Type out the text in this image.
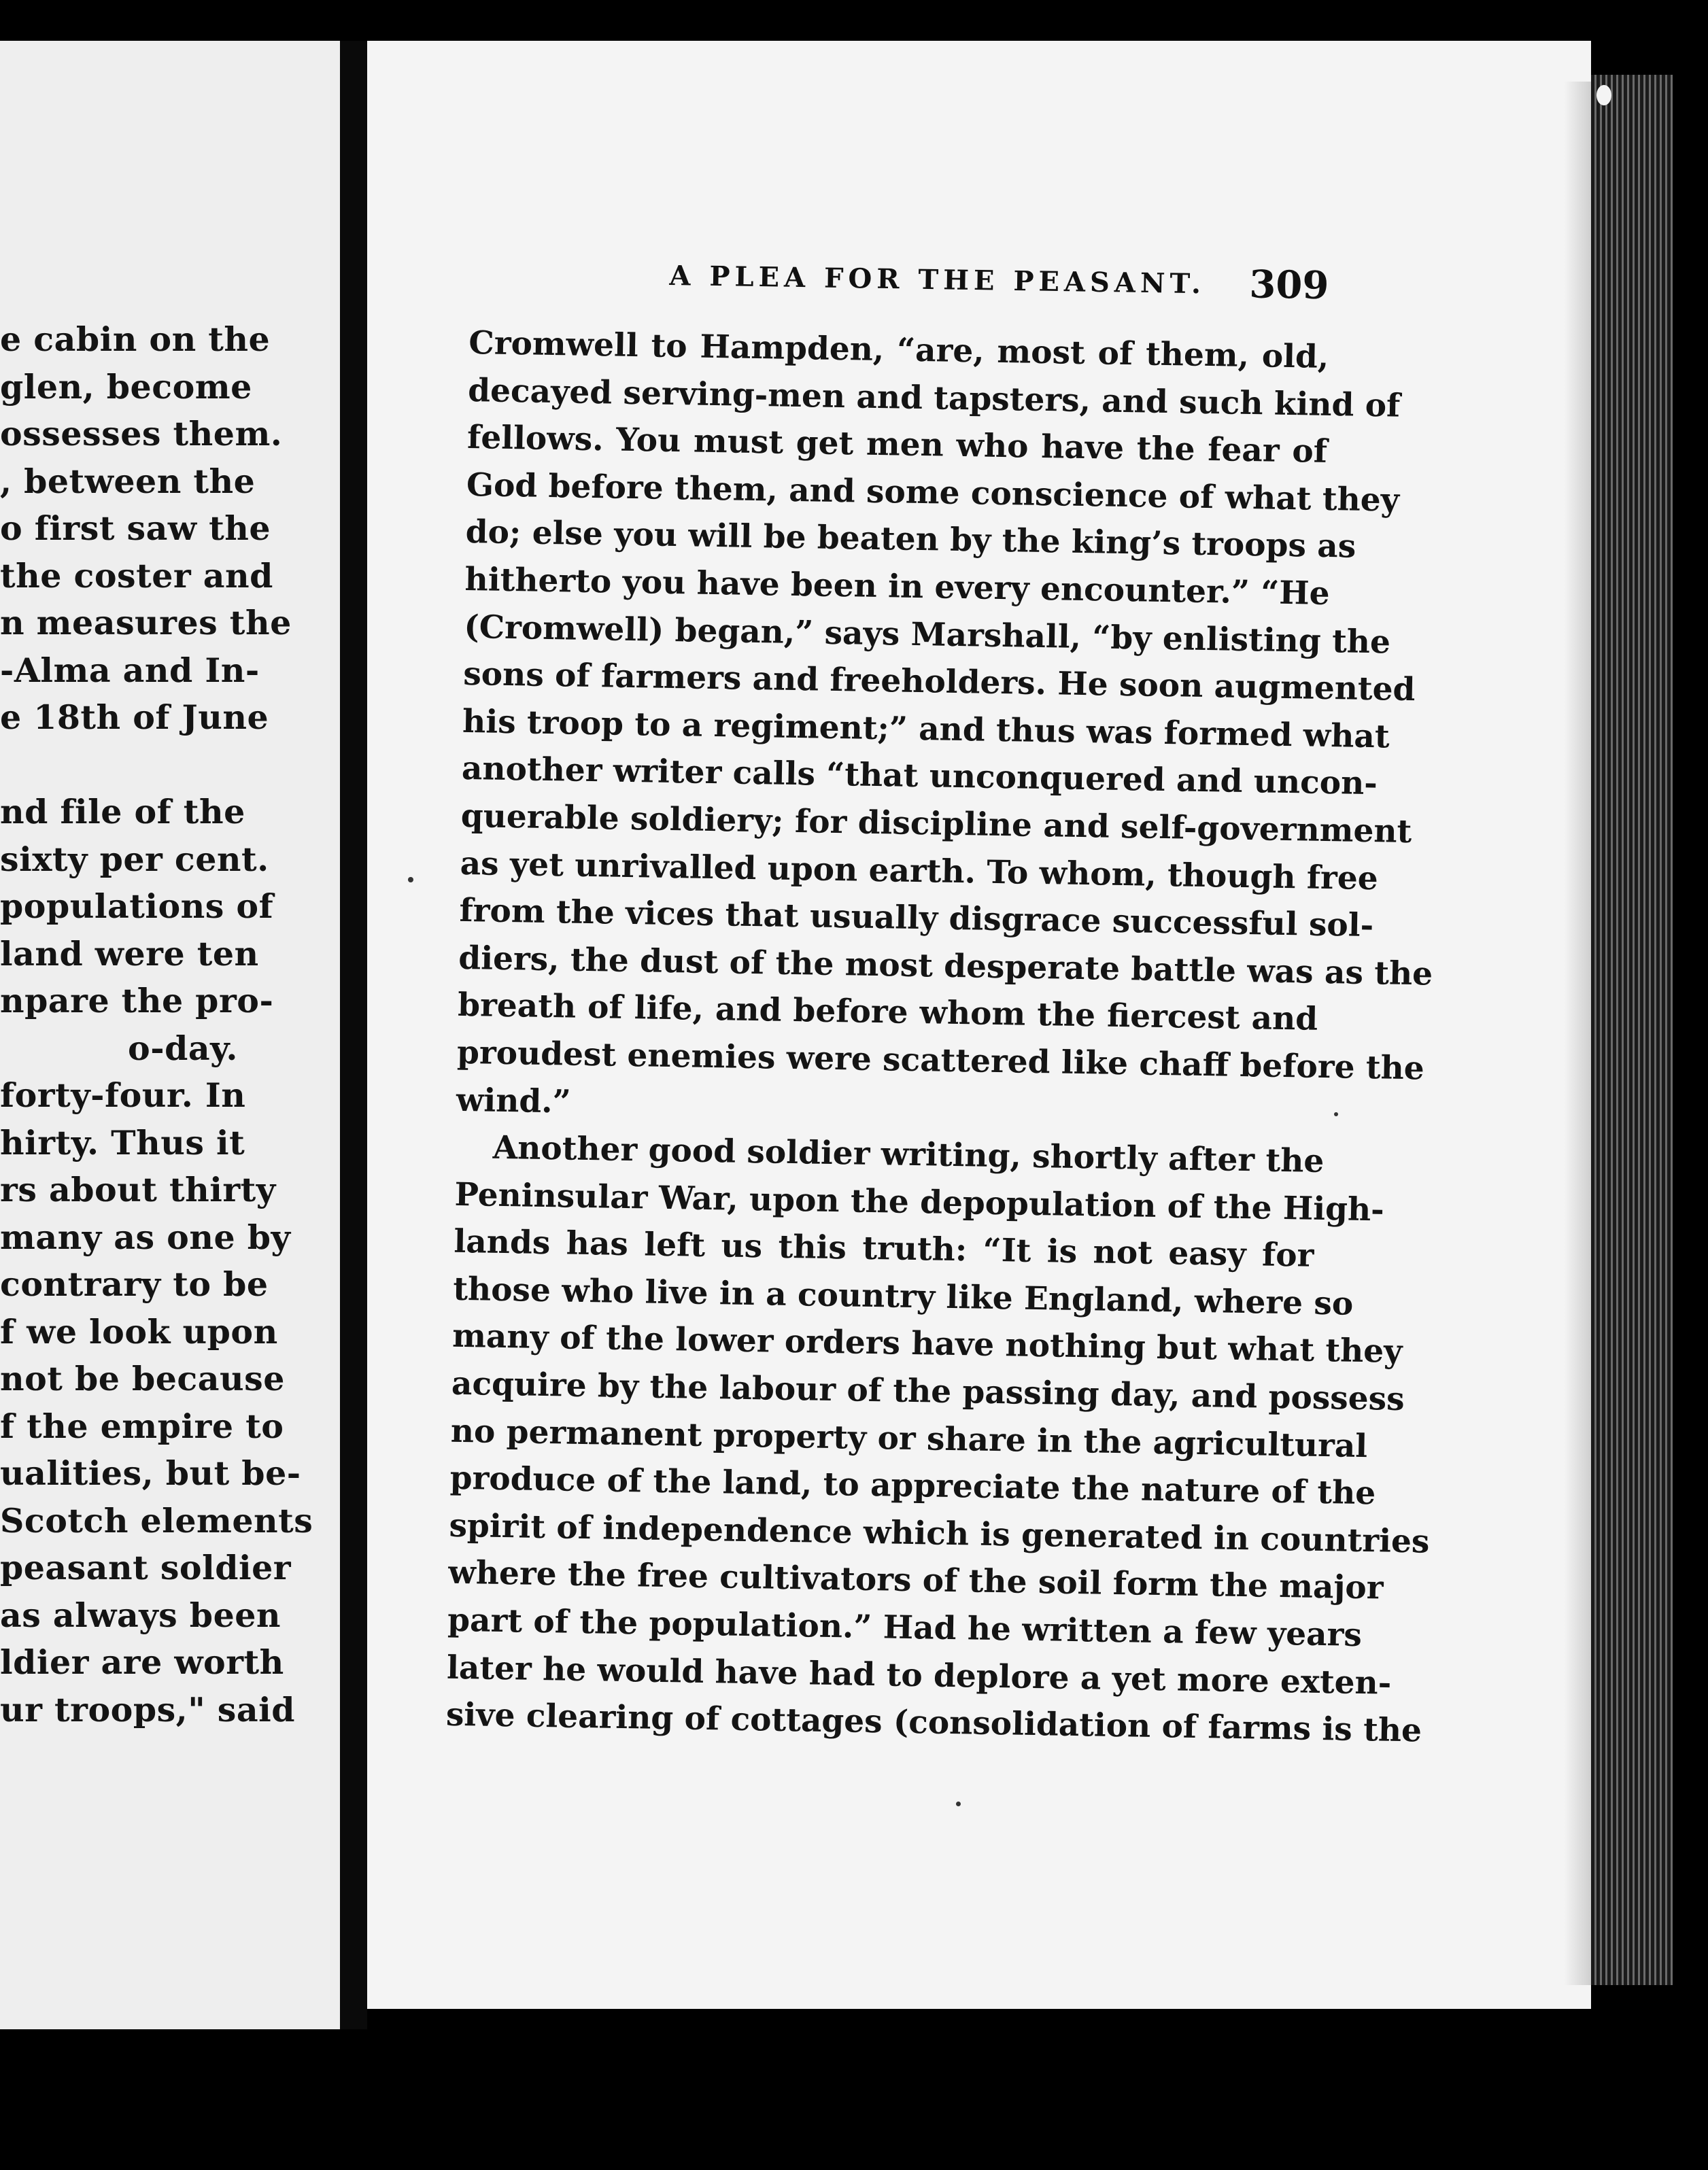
e cabin on the
glen, become
ossesses them.
, between the
o first saw the
the coster and
n measures the
-Alma and In-
e 18th of June
nd file of the
sixty per cent.
populations of
land were ten
npare the pro-
o-day.
forty-four. In
hirty. Thus it
rs about thirty
many as one by
contrary to be
f we look upon
not be because
f the empire to
ualities, but be-
Scotch elements
peasant soldier
as always been
ldier are worth
ur troops," said
A PLEA FOR THE PEASANT. 309
Cromwell to Hampden, “are, most of them, old,
decayed serving-men and tapsters, and such kind of
fellows. You must get men who have the fear of
God before them, and some conscience of what they
do; else you will be beaten by the king’s troops as
hitherto you have been in every encounter.” “He
(Cromwell) began,” says Marshall, “by enlisting the
sons of farmers and freeholders. He soon augmented
his troop to a regiment;” and thus was formed what
another writer calls “that unconquered and uncon-
querable soldiery; for discipline and self-government
as yet unrivalled upon earth. To whom, though free
from the vices that usually disgrace successful sol-
diers, the dust of the most desperate battle was as the
breath of life, and before whom the fiercest and
proudest enemies were scattered like chaff before the
wind.”
Another good soldier writing, shortly after the
Peninsular War, upon the depopulation of the High-
lands has left us this truth: “It is not easy for
those who live in a country like England, where so
many of the lower orders have nothing but what they
acquire by the labour of the passing day, and possess
no permanent property or share in the agricultural
produce of the land, to appreciate the nature of the
spirit of independence which is generated in countries
where the free cultivators of the soil form the major
part of the population.” Had he written a few years
later he would have had to deplore a yet more exten-
sive clearing of cottages (consolidation of farms is the
